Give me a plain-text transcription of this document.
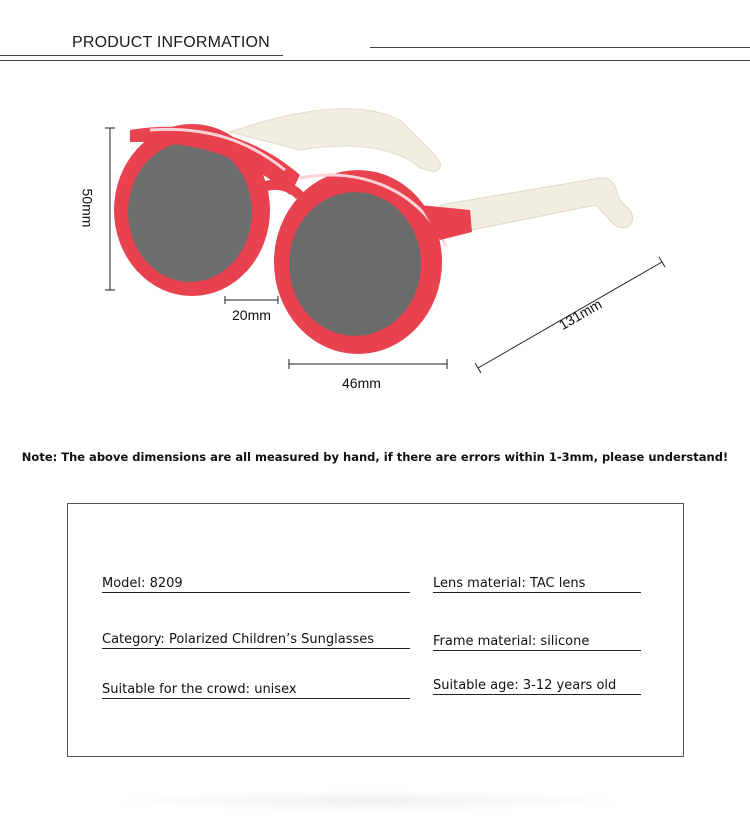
PRODUCT INFORMATION
50mm
20mm
46mm
131mm
Note: The above dimensions are all measured by hand, if there are errors within 1-3mm, please understand!
Model: 8209	Lens material: TAC lens
Category: Polarized Children’s Sunglasses	Frame material: silicone
Suitable for the crowd: unisex	Suitable age: 3-12 years old
